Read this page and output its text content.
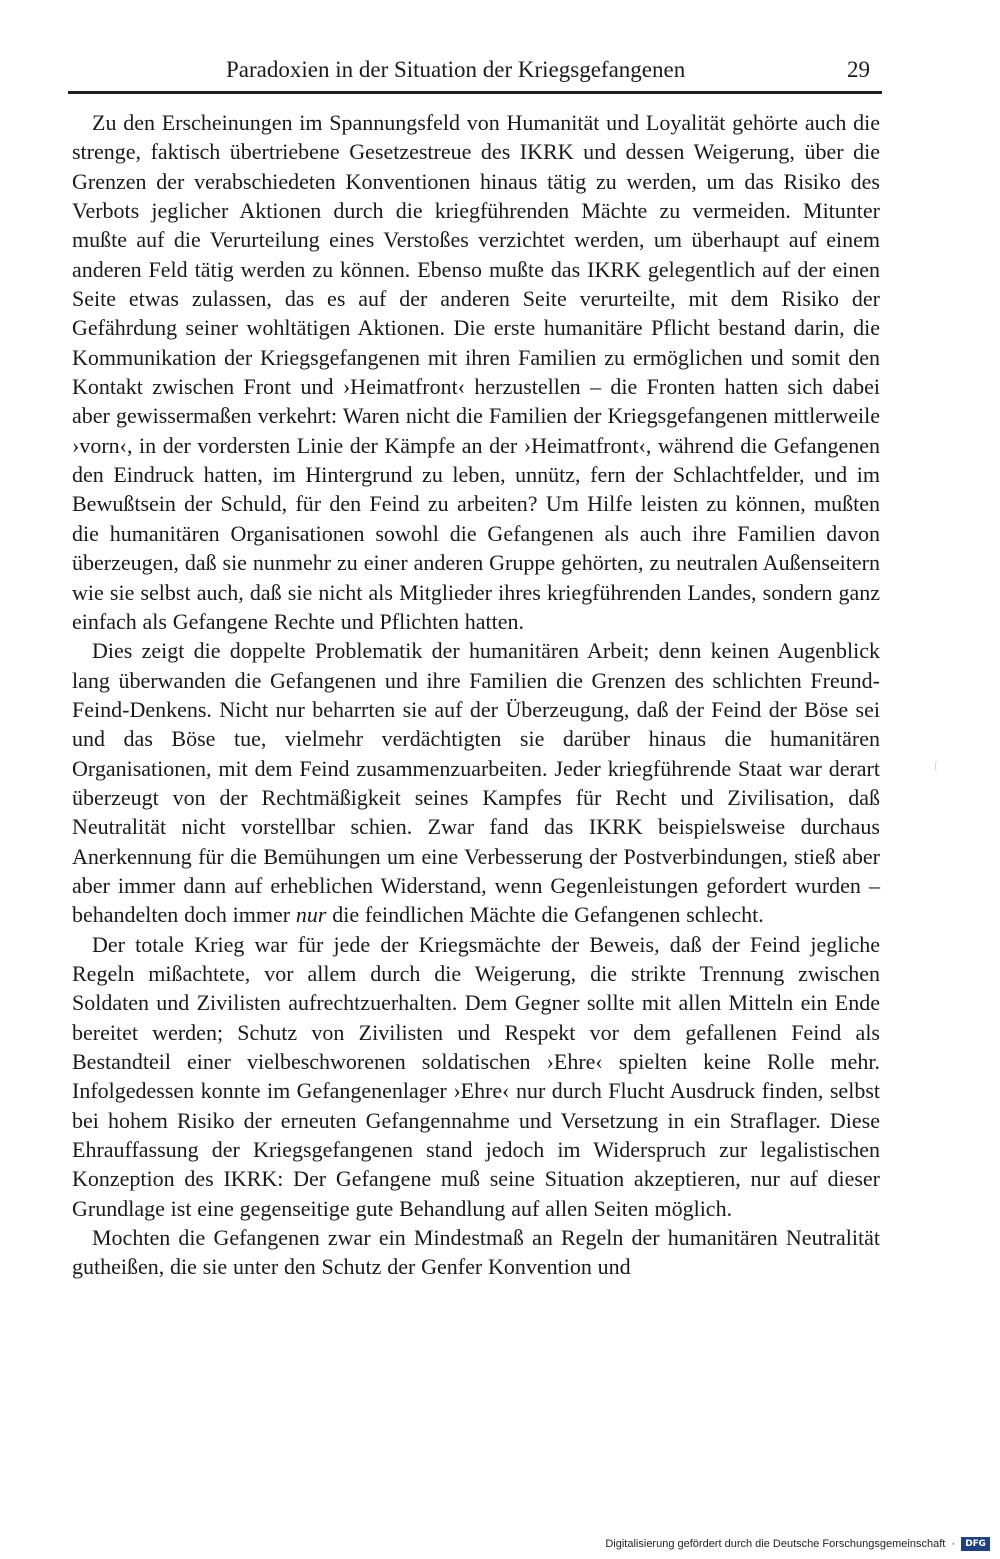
Paradoxien in der Situation der Kriegsgefangenen	29

Zu den Erscheinungen im Spannungsfeld von Humanität und Loyalität gehörte auch die strenge, faktisch übertriebene Gesetzestreue des IKRK und dessen Weigerung, über die Grenzen der verabschiedeten Konventionen hinaus tätig zu werden, um das Risiko des Verbots jeglicher Aktionen durch die kriegführenden Mächte zu vermeiden. Mitunter mußte auf die Verurteilung eines Verstoßes verzichtet werden, um überhaupt auf einem anderen Feld tätig werden zu können. Ebenso mußte das IKRK gelegentlich auf der einen Seite etwas zulassen, das es auf der anderen Seite verurteilte, mit dem Risiko der Gefährdung seiner wohltätigen Aktionen. Die erste humanitäre Pflicht bestand darin, die Kommunikation der Kriegsgefangenen mit ihren Familien zu ermöglichen und somit den Kontakt zwischen Front und ›Heimatfront‹ herzustellen – die Fronten hatten sich dabei aber gewissermaßen verkehrt: Waren nicht die Familien der Kriegsgefangenen mittlerweile ›vorn‹, in der vordersten Linie der Kämpfe an der ›Heimatfront‹, während die Gefangenen den Eindruck hatten, im Hintergrund zu leben, unnütz, fern der Schlachtfelder, und im Bewußtsein der Schuld, für den Feind zu arbeiten? Um Hilfe leisten zu können, mußten die humanitären Organisationen sowohl die Gefangenen als auch ihre Familien davon überzeugen, daß sie nunmehr zu einer anderen Gruppe gehörten, zu neutralen Außenseitern wie sie selbst auch, daß sie nicht als Mitglieder ihres kriegführenden Landes, sondern ganz einfach als Gefangene Rechte und Pflichten hatten.

Dies zeigt die doppelte Problematik der humanitären Arbeit; denn keinen Augenblick lang überwanden die Gefangenen und ihre Familien die Grenzen des schlichten Freund-Feind-Denkens. Nicht nur beharrten sie auf der Überzeugung, daß der Feind der Böse sei und das Böse tue, vielmehr verdächtigten sie darüber hinaus die humanitären Organisationen, mit dem Feind zusammenzuarbeiten. Jeder kriegführende Staat war derart überzeugt von der Rechtmäßigkeit seines Kampfes für Recht und Zivilisation, daß Neutralität nicht vorstellbar schien. Zwar fand das IKRK beispielsweise durchaus Anerkennung für die Bemühungen um eine Verbesserung der Postverbindungen, stieß aber aber immer dann auf erheblichen Widerstand, wenn Gegenleistungen gefordert wurden – behandelten doch immer nur die feindlichen Mächte die Gefangenen schlecht.

Der totale Krieg war für jede der Kriegsmächte der Beweis, daß der Feind jegliche Regeln mißachtete, vor allem durch die Weigerung, die strikte Trennung zwischen Soldaten und Zivilisten aufrechtzuerhalten. Dem Gegner sollte mit allen Mitteln ein Ende bereitet werden; Schutz von Zivilisten und Respekt vor dem gefallenen Feind als Bestandteil einer vielbeschworenen soldatischen ›Ehre‹ spielten keine Rolle mehr. Infolgedessen konnte im Gefangenenlager ›Ehre‹ nur durch Flucht Ausdruck finden, selbst bei hohem Risiko der erneuten Gefangennahme und Versetzung in ein Straflager. Diese Ehrauffassung der Kriegsgefangenen stand jedoch im Widerspruch zur legalistischen Konzeption des IKRK: Der Gefangene muß seine Situation akzeptieren, nur auf dieser Grundlage ist eine gegenseitige gute Behandlung auf allen Seiten möglich.

Mochten die Gefangenen zwar ein Mindestmaß an Regeln der humanitären Neutralität gutheißen, die sie unter den Schutz der Genfer Konvention und

Digitalisierung gefördert durch die Deutsche Forschungsgemeinschaft ·	DFG
